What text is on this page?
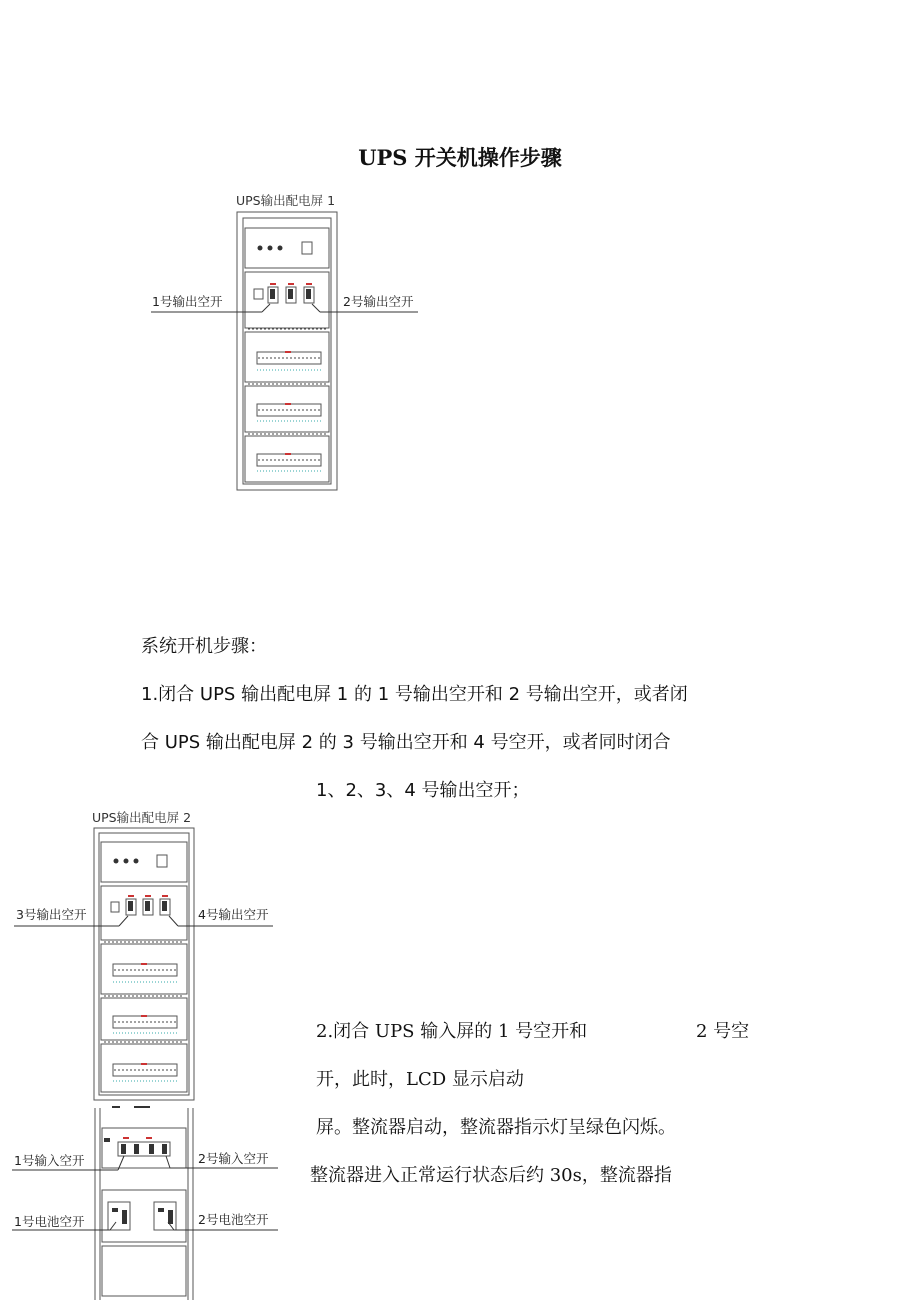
UPS 开关机操作步骤
UPS输出配电屏 1
1号输出空开	2号输出空开
系统开机步骤：
1.闭合 UPS 输出配电屏 1 的 1 号输出空开和 2 号输出空开，或者闭
合 UPS 输出配电屏 2 的 3 号输出空开和 4 号空开，或者同时闭合
1、2、3、4 号输出空开；
UPS输出配电屏 2
3号输出空开	4号输出空开
1号输入空开	2号输入空开
1号电池空开	2号电池空开
2.闭合 UPS 输入屏的 1 号空开和	2 号空
开，此时，LCD 显示启动
屏。整流器启动，整流器指示灯呈绿色闪烁。
整流器进入正常运行状态后约 30s，整流器指
